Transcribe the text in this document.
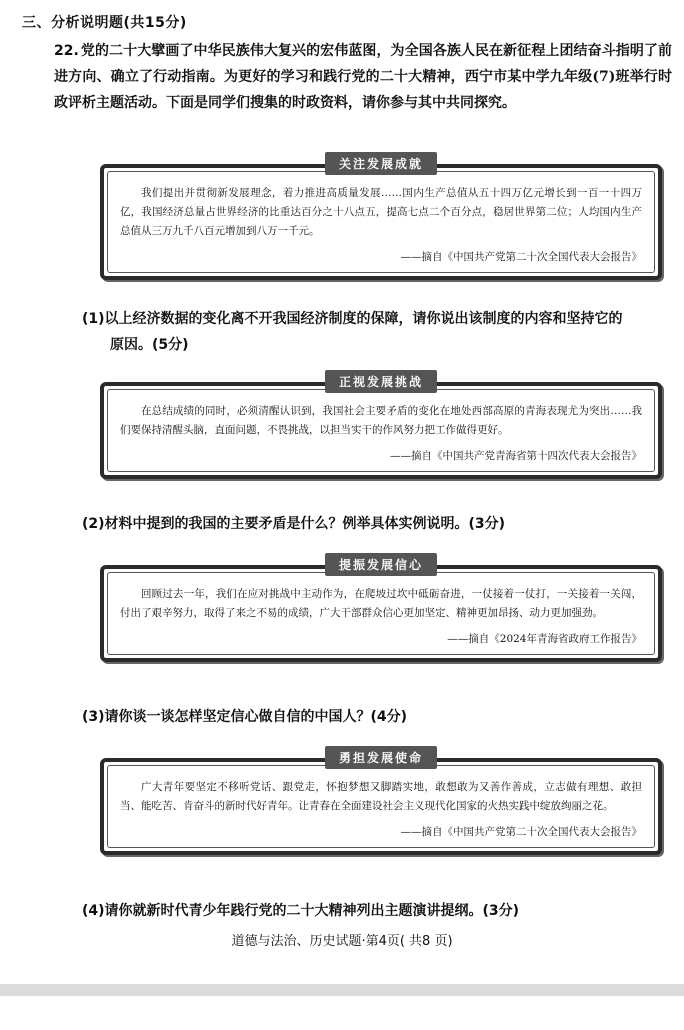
三、分析说明题(共15分)
22. 党的二十大擘画了中华民族伟大复兴的宏伟蓝图，为全国各族人民在新征程上团结奋斗指明了前进方向、确立了行动指南。为更好的学习和践行党的二十大精神，西宁市某中学九年级(7)班举行时政评析主题活动。下面是同学们搜集的时政资料，请你参与其中共同探究。
关注发展成就
我们提出并贯彻新发展理念，着力推进高质量发展……国内生产总值从五十四万亿元增长到一百一十四万亿，我国经济总量占世界经济的比重达百分之十八点五，提高七点二个百分点，稳居世界第二位；人均国内生产总值从三万九千八百元增加到八万一千元。
——摘自《中国共产党第二十次全国代表大会报告》
(1)以上经济数据的变化离不开我国经济制度的保障，请你说出该制度的内容和坚持它的
原因。(5分)
正视发展挑战
在总结成绩的同时，必须清醒认识到，我国社会主要矛盾的变化在地处西部高原的青海表现尤为突出……我们要保持清醒头脑，直面问题，不畏挑战，以担当实干的作风努力把工作做得更好。
——摘自《中国共产党青海省第十四次代表大会报告》
(2)材料中提到的我国的主要矛盾是什么？例举具体实例说明。(3分)
提振发展信心
回顾过去一年，我们在应对挑战中主动作为，在爬坡过坎中砥砺奋进，一仗接着一仗打，一关接着一关闯，付出了艰辛努力，取得了来之不易的成绩，广大干部群众信心更加坚定、精神更加昂扬、动力更加强劲。
——摘自《2024年青海省政府工作报告》
(3)请你谈一谈怎样坚定信心做自信的中国人？(4分)
勇担发展使命
广大青年要坚定不移听党话、跟党走，怀抱梦想又脚踏实地，敢想敢为又善作善成，立志做有理想、敢担当、能吃苦、肯奋斗的新时代好青年。让青春在全面建设社会主义现代化国家的火热实践中绽放绚丽之花。
——摘自《中国共产党第二十次全国代表大会报告》
(4)请你就新时代青少年践行党的二十大精神列出主题演讲提纲。(3分)
道德与法治、历史试题·第4页( 共8 页)
